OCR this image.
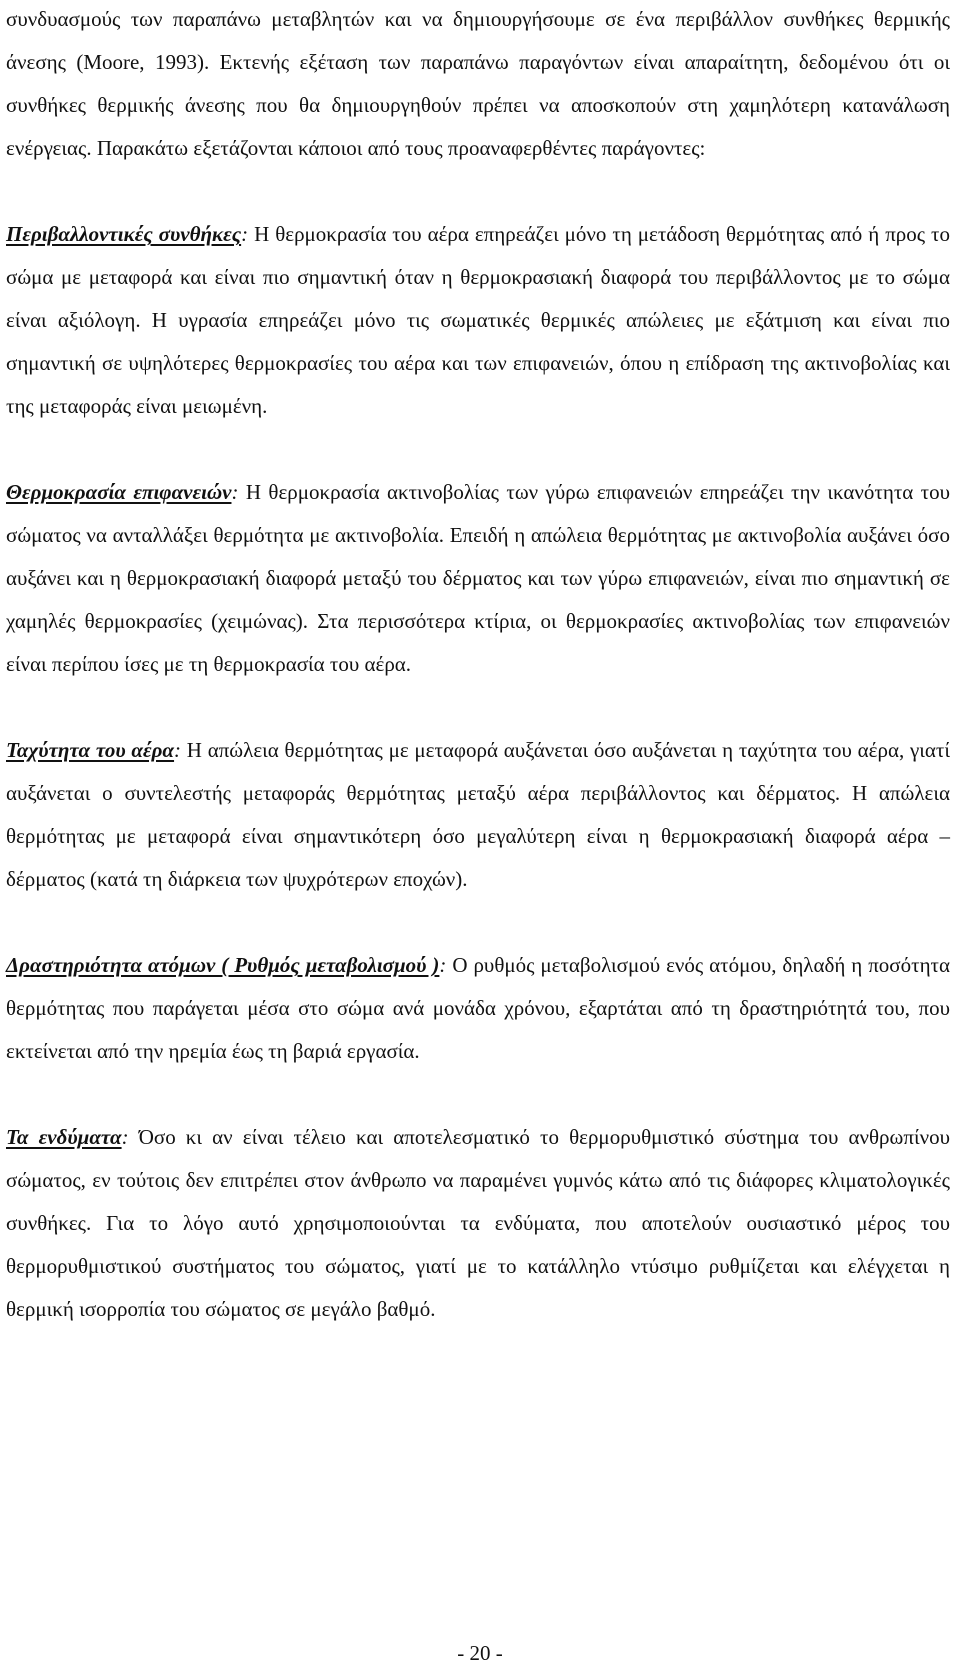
συνδυασμούς των παραπάνω μεταβλητών και να δημιουργήσουμε σε ένα περιβάλλον συνθήκες θερμικής άνεσης (Moore, 1993). Εκτενής εξέταση των παραπάνω παραγόντων είναι απαραίτητη, δεδομένου ότι οι συνθήκες θερμικής άνεσης που θα δημιουργηθούν πρέπει να αποσκοπούν στη χαμηλότερη κατανάλωση ενέργειας. Παρακάτω εξετάζονται κάποιοι από τους προαναφερθέντες παράγοντες:

Περιβαλλοντικές συνθήκες: Η θερμοκρασία του αέρα επηρεάζει μόνο τη μετάδοση θερμότητας από ή προς το σώμα με μεταφορά και είναι πιο σημαντική όταν η θερμοκρασιακή διαφορά του περιβάλλοντος με το σώμα είναι αξιόλογη. Η υγρασία επηρεάζει μόνο τις σωματικές θερμικές απώλειες με εξάτμιση και είναι πιο σημαντική σε υψηλότερες θερμοκρασίες του αέρα και των επιφανειών, όπου η επίδραση της ακτινοβολίας και της μεταφοράς είναι μειωμένη.

Θερμοκρασία επιφανειών: Η θερμοκρασία ακτινοβολίας των γύρω επιφανειών επηρεάζει την ικανότητα του σώματος να ανταλλάξει θερμότητα με ακτινοβολία. Επειδή η απώλεια θερμότητας με ακτινοβολία αυξάνει όσο αυξάνει και η θερμοκρασιακή διαφορά μεταξύ του δέρματος και των γύρω επιφανειών, είναι πιο σημαντική σε χαμηλές θερμοκρασίες (χειμώνας). Στα περισσότερα κτίρια, οι θερμοκρασίες ακτινοβολίας των επιφανειών είναι περίπου ίσες με τη θερμοκρασία του αέρα.

Ταχύτητα του αέρα: Η απώλεια θερμότητας με μεταφορά αυξάνεται όσο αυξάνεται η ταχύτητα του αέρα, γιατί αυξάνεται ο συντελεστής μεταφοράς θερμότητας μεταξύ αέρα περιβάλλοντος και δέρματος. Η απώλεια θερμότητας με μεταφορά είναι σημαντικότερη όσο μεγαλύτερη είναι η θερμοκρασιακή διαφορά αέρα – δέρματος (κατά τη διάρκεια των ψυχρότερων εποχών).

Δραστηριότητα ατόμων ( Ρυθμός μεταβολισμού ): Ο ρυθμός μεταβολισμού ενός ατόμου, δηλαδή η ποσότητα θερμότητας που παράγεται μέσα στο σώμα ανά μονάδα χρόνου, εξαρτάται από τη δραστηριότητά του, που εκτείνεται από την ηρεμία έως τη βαριά εργασία.

Τα ενδύματα: Όσο κι αν είναι τέλειο και αποτελεσματικό το θερμορυθμιστικό σύστημα του ανθρωπίνου σώματος, εν τούτοις δεν επιτρέπει στον άνθρωπο να παραμένει γυμνός κάτω από τις διάφορες κλιματολογικές συνθήκες. Για το λόγο αυτό χρησιμοποιούνται τα ενδύματα, που αποτελούν ουσιαστικό μέρος του θερμορυθμιστικού συστήματος του σώματος, γιατί με το κατάλληλο ντύσιμο ρυθμίζεται και ελέγχεται η θερμική ισορροπία του σώματος σε μεγάλο βαθμό.

- 20 -
